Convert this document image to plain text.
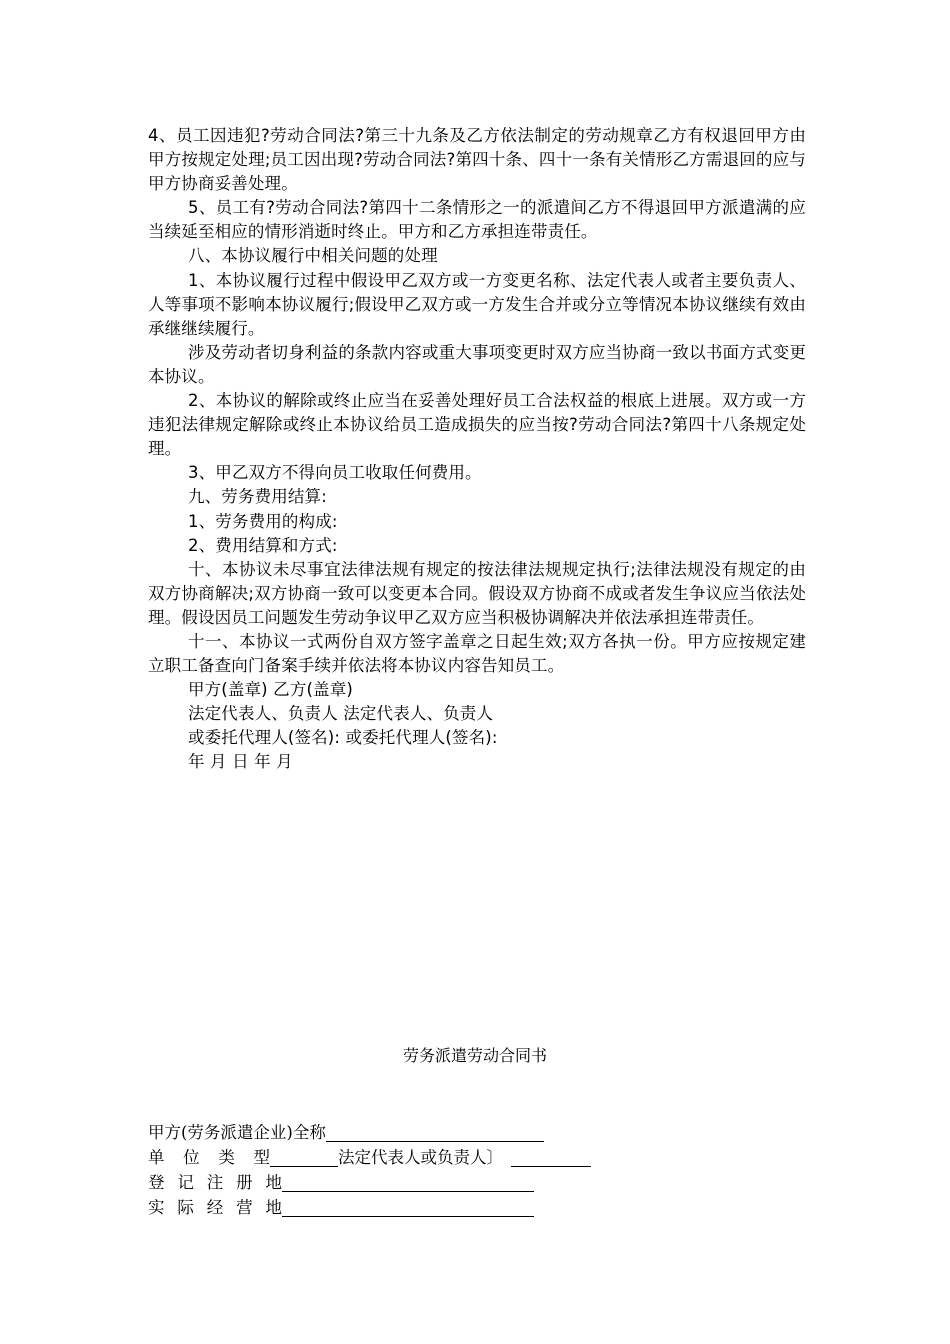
4、员工因违犯?劳动合同法?第三十九条及乙方依法制定的劳动规章乙方有权退回甲方由甲方按规定处理;员工因出现?劳动合同法?第四十条、四十一条有关情形乙方需退回的应与甲方协商妥善处理。

5、员工有?劳动合同法?第四十二条情形之一的派遣间乙方不得退回甲方派遣满的应当续延至相应的情形消逝时终止。甲方和乙方承担连带责任。

八、本协议履行中相关问题的处理

1、本协议履行过程中假设甲乙双方或一方变更名称、法定代表人或者主要负责人、人等事项不影响本协议履行;假设甲乙双方或一方发生合并或分立等情况本协议继续有效由承继继续履行。

涉及劳动者切身利益的条款内容或重大事项变更时双方应当协商一致以书面方式变更本协议。

2、本协议的解除或终止应当在妥善处理好员工合法权益的根底上进展。双方或一方违犯法律规定解除或终止本协议给员工造成损失的应当按?劳动合同法?第四十八条规定处理。

3、甲乙双方不得向员工收取任何费用。

九、劳务费用结算:

1、劳务费用的构成:

2、费用结算和方式:

十、本协议未尽事宜法律法规有规定的按法律法规规定执行;法律法规没有规定的由双方协商解决;双方协商一致可以变更本合同。假设双方协商不成或者发生争议应当依法处理。假设因员工问题发生劳动争议甲乙双方应当积极协调解决并依法承担连带责任。

十一、本协议一式两份自双方签字盖章之日起生效;双方各执一份。甲方应按规定建立职工备查向门备案手续并依法将本协议内容告知员工。

甲方(盖章) 乙方(盖章)

法定代表人、负责人 法定代表人、负责人

或委托代理人(签名): 或委托代理人(签名):

年 月 日 年 月

劳务派遣劳动合同书
甲方(劳务派遣企业)全称
单 位 类 型	法定代表人或负责人〕
登 记 注 册 地
实 际 经 营 地
